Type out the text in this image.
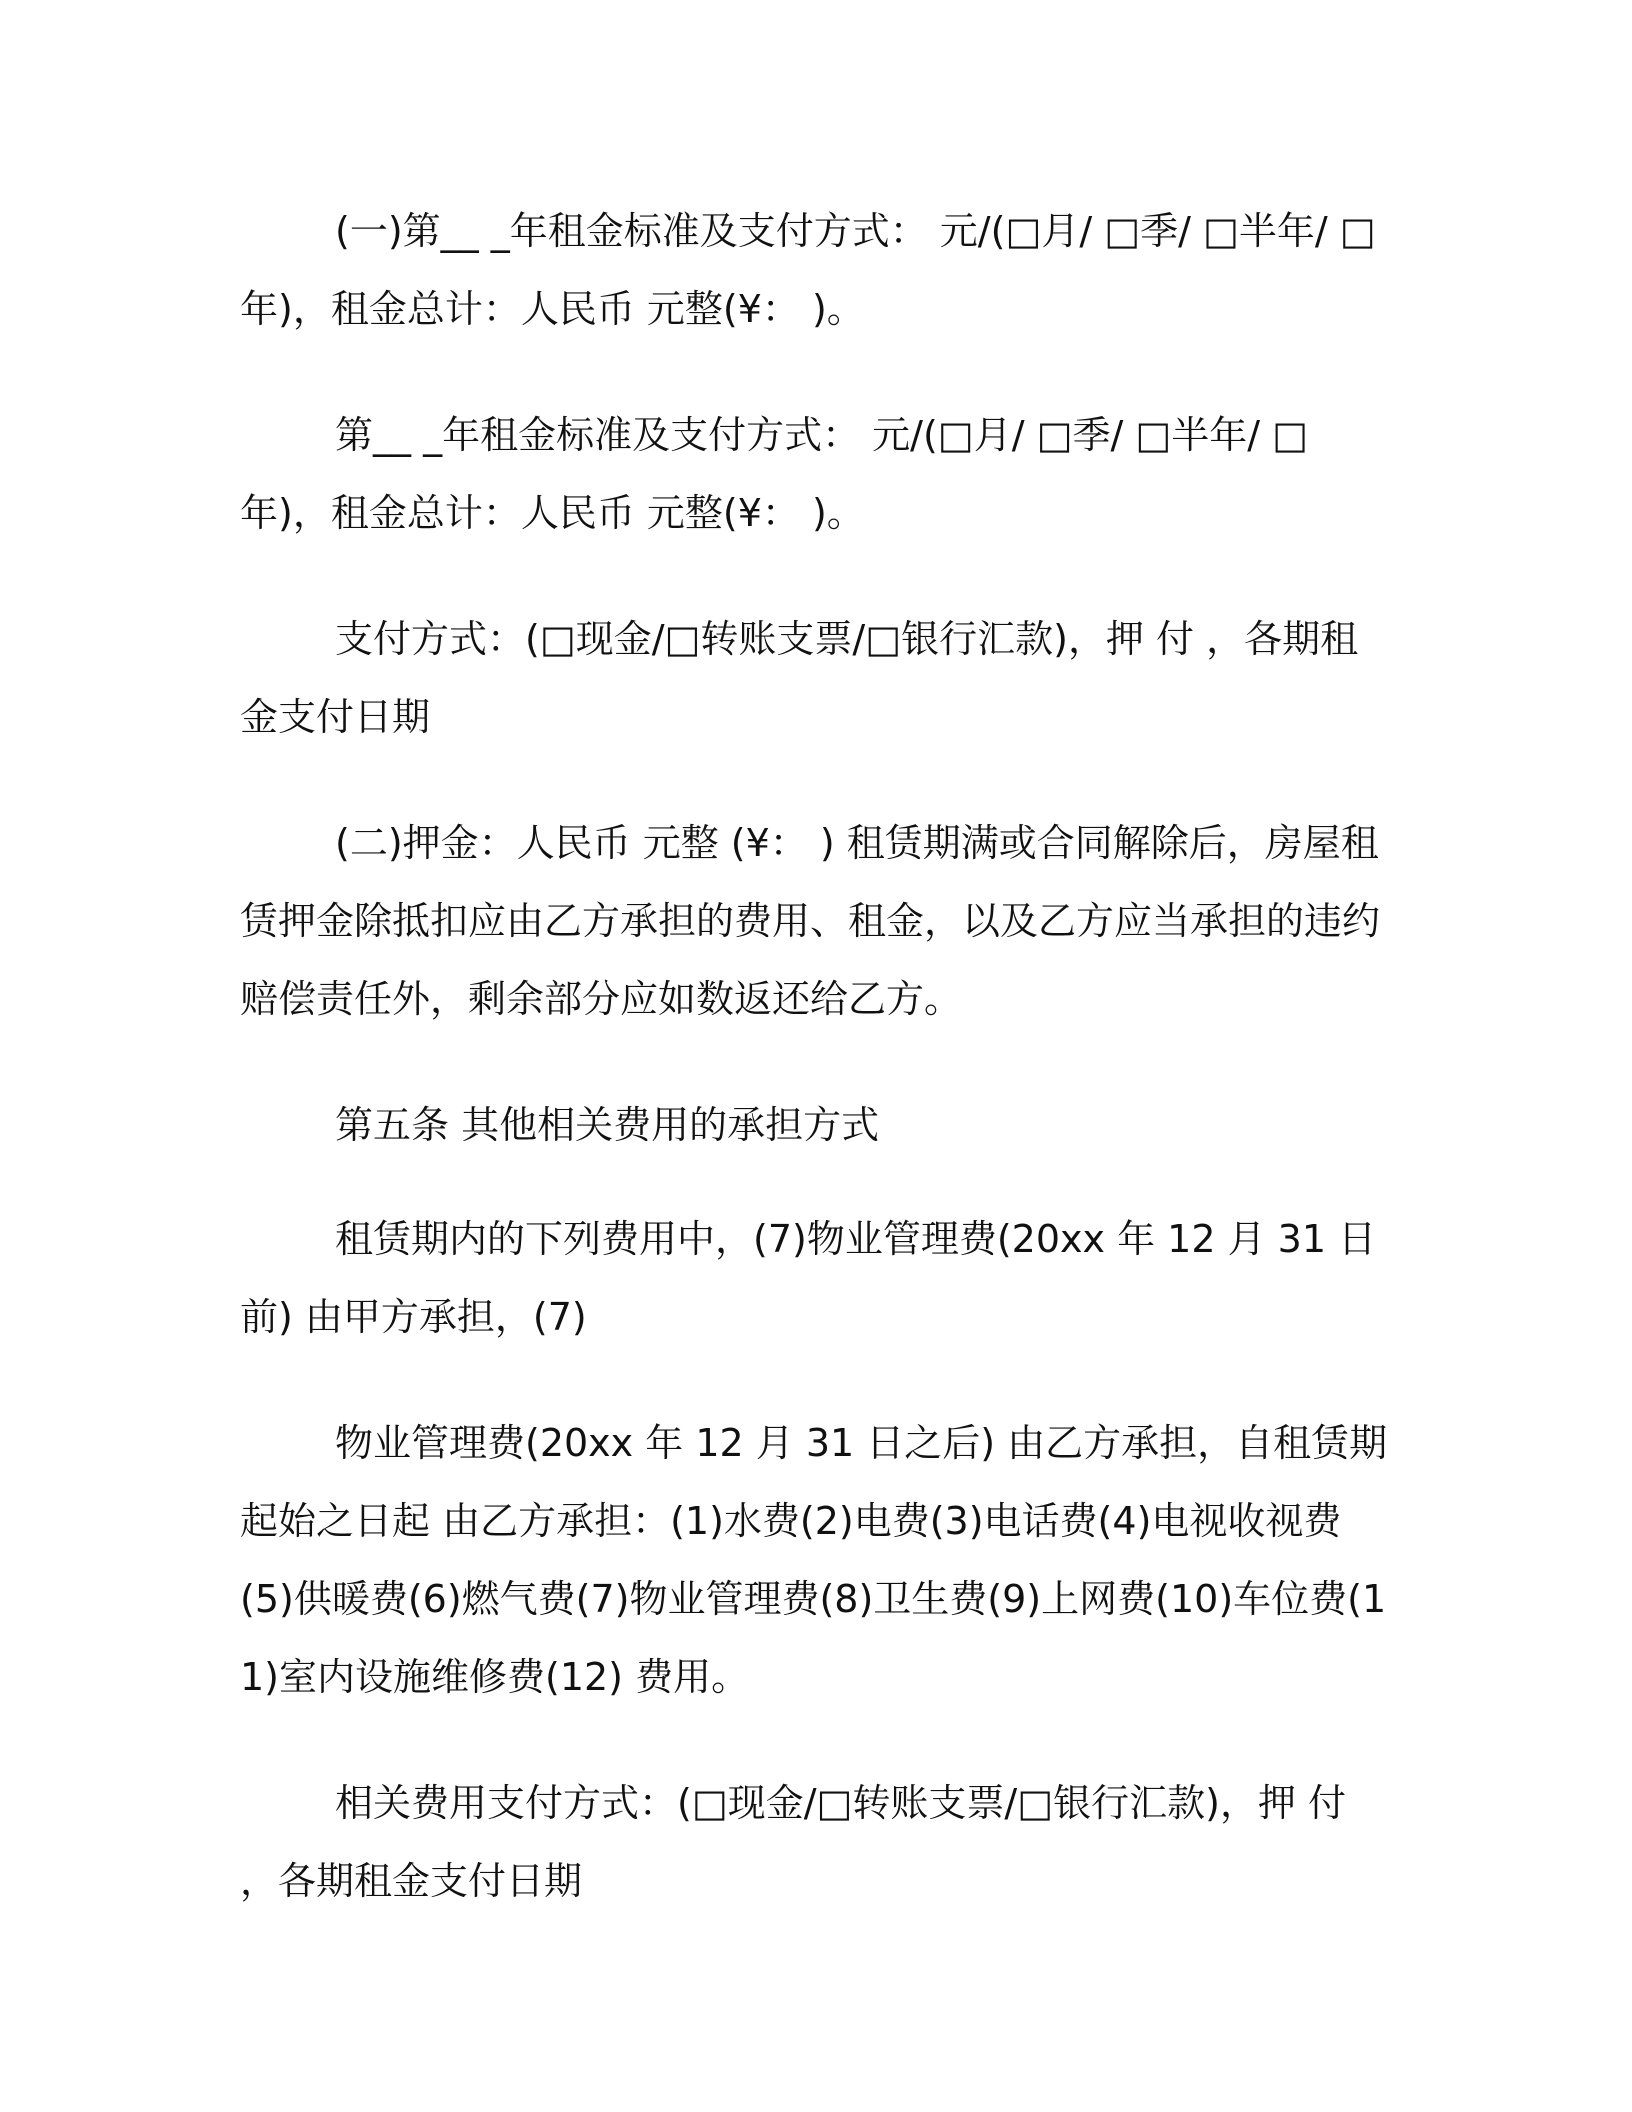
(一)第__ _年租金标准及支付方式： 元/(□月/ □季/ □半年/ □年)，租金总计：人民币 元整(¥： )。

第__ _年租金标准及支付方式： 元/(□月/ □季/ □半年/ □年)，租金总计：人民币 元整(¥： )。

支付方式：(□现金/□转账支票/□银行汇款)，押 付 ，各期租金支付日期

(二)押金：人民币 元整 (¥： ) 租赁期满或合同解除后，房屋租赁押金除抵扣应由乙方承担的费用、租金，以及乙方应当承担的违约赔偿责任外，剩余部分应如数返还给乙方。

第五条 其他相关费用的承担方式

租赁期内的下列费用中，(7)物业管理费(20xx 年 12 月 31 日前) 由甲方承担，(7)

物业管理费(20xx 年 12 月 31 日之后) 由乙方承担，自租赁期起始之日起 由乙方承担：(1)水费(2)电费(3)电话费(4)电视收视费(5)供暖费(6)燃气费(7)物业管理费(8)卫生费(9)上网费(10)车位费(11)室内设施维修费(12) 费用。

相关费用支付方式：(□现金/□转账支票/□银行汇款)，押 付 ，各期租金支付日期
